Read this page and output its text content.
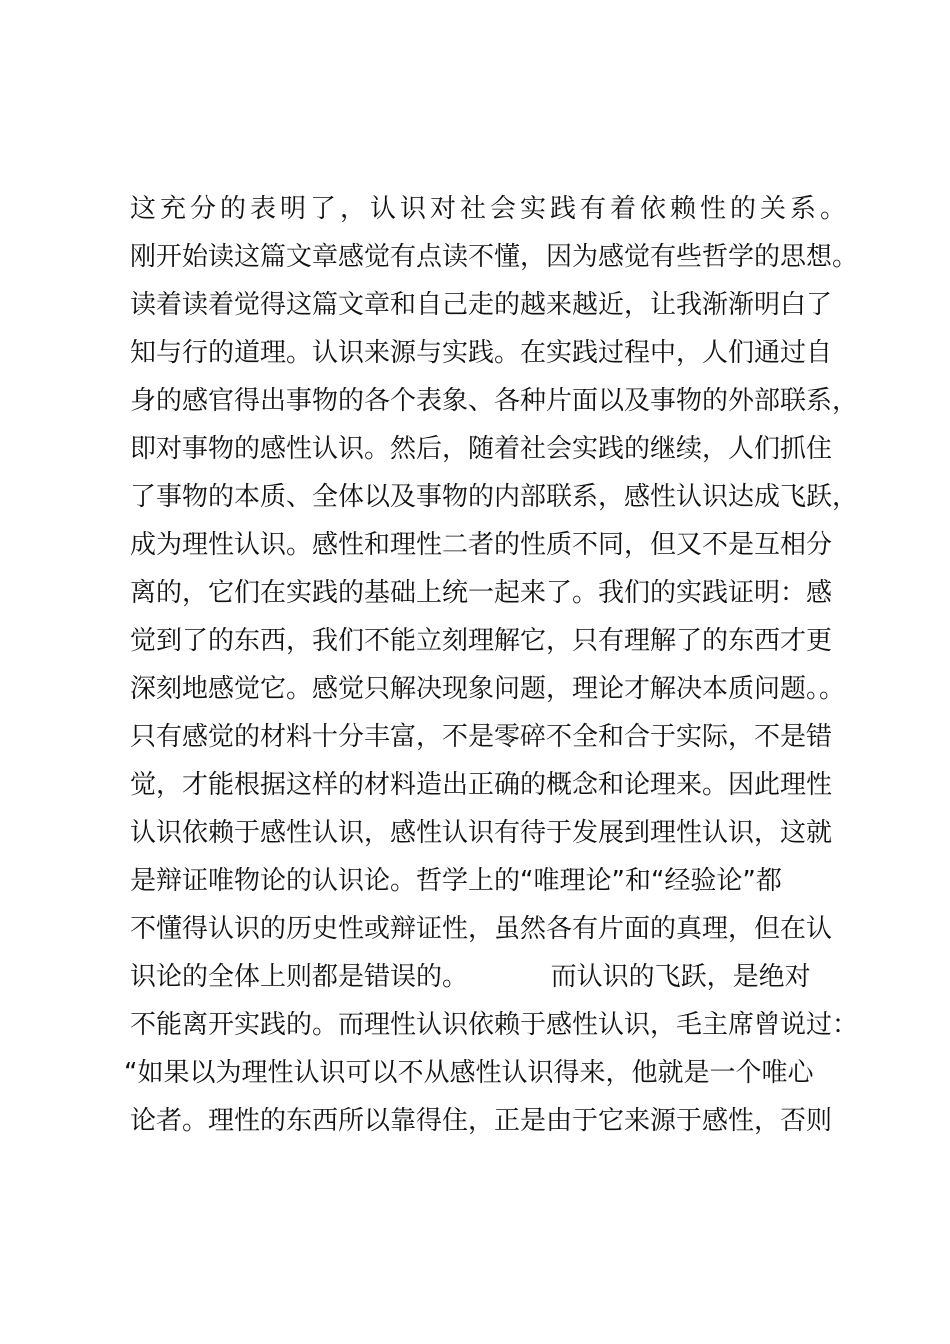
这充分的表明了，认识对社会实践有着依赖性的关系。
刚开始读这篇文章感觉有点读不懂，因为感觉有些哲学的思想。
读着读着觉得这篇文章和自己走的越来越近，让我渐渐明白了
知与行的道理。认识来源与实践。在实践过程中，人们通过自
身的感官得出事物的各个表象、各种片面以及事物的外部联系，
即对事物的感性认识。然后，随着社会实践的继续，人们抓住
了事物的本质、全体以及事物的内部联系，感性认识达成飞跃，
成为理性认识。感性和理性二者的性质不同，但又不是互相分
离的，它们在实践的基础上统一起来了。我们的实践证明：感
觉到了的东西，我们不能立刻理解它，只有理解了的东西才更
深刻地感觉它。感觉只解决现象问题，理论才解决本质问题。。
只有感觉的材料十分丰富，不是零碎不全和合于实际，不是错
觉，才能根据这样的材料造出正确的概念和论理来。因此理性
认识依赖于感性认识，感性认识有待于发展到理性认识，这就
是辩证唯物论的认识论。哲学上的“唯理论”和“经验论”都
不懂得认识的历史性或辩证性，虽然各有片面的真理，但在认
识论的全体上则都是错误的。          而认识的飞跃，是绝对
不能离开实践的。而理性认识依赖于感性认识，毛主席曾说过：
“如果以为理性认识可以不从感性认识得来，他就是一个唯心
论者。理性的东西所以靠得住，正是由于它来源于感性，否则
